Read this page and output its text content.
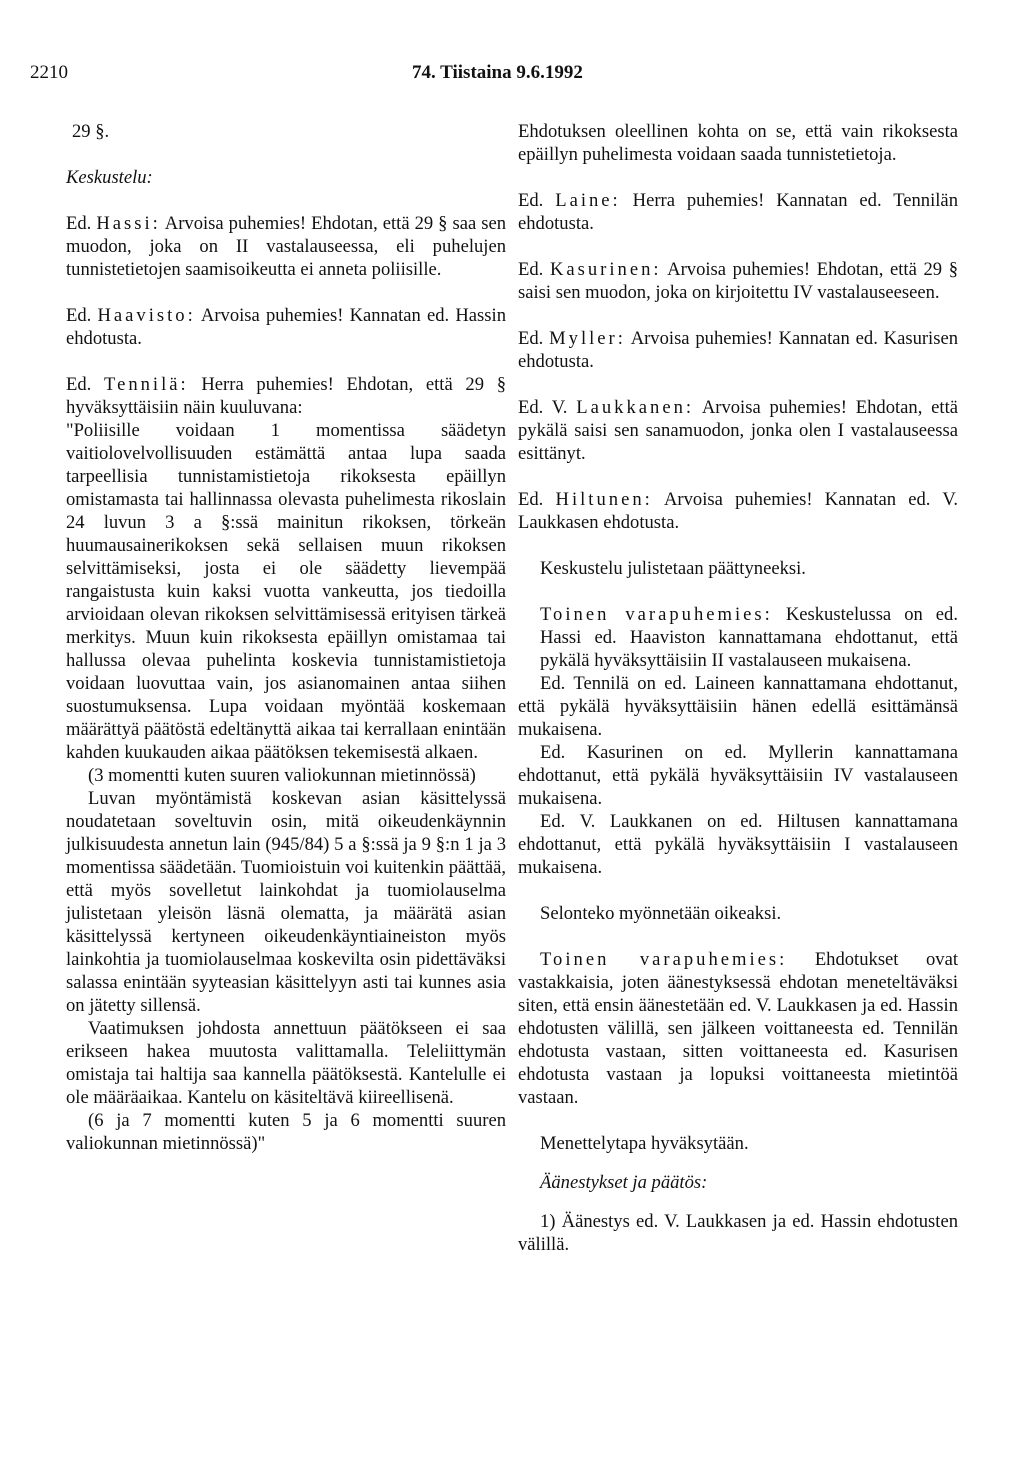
2210	74. Tiistaina 9.6.1992

29 §.

Keskustelu:

Ed. Hassi: Arvoisa puhemies! Ehdotan, että 29 § saa sen muodon, joka on II vastalauseessa, eli puhelujen tunnistetietojen saamisoikeutta ei anneta poliisille.

Ed. Haavisto: Arvoisa puhemies! Kannatan ed. Hassin ehdotusta.

Ed. Tennilä: Herra puhemies! Ehdotan, että 29 § hyväksyttäisiin näin kuuluvana:

"Poliisille voidaan 1 momentissa säädetyn vaitiolovelvollisuuden estämättä antaa lupa saada tarpeellisia tunnistamistietoja rikoksesta epäillyn omistamasta tai hallinnassa olevasta puhelimesta rikoslain 24 luvun 3 a §:ssä mainitun rikoksen, törkeän huumausainerikoksen sekä sellaisen muun rikoksen selvittämiseksi, josta ei ole säädetty lievempää rangaistusta kuin kaksi vuotta vankeutta, jos tiedoilla arvioidaan olevan rikoksen selvittämisessä erityisen tärkeä merkitys. Muun kuin rikoksesta epäillyn omistamaa tai hallussa olevaa puhelinta koskevia tunnistamistietoja voidaan luovuttaa vain, jos asianomainen antaa siihen suostumuksensa. Lupa voidaan myöntää koskemaan määrättyä päätöstä edeltänyttä aikaa tai kerrallaan enintään kahden kuukauden aikaa päätöksen tekemisestä alkaen.

(3 momentti kuten suuren valiokunnan mietinnössä)

Luvan myöntämistä koskevan asian käsittelyssä noudatetaan soveltuvin osin, mitä oikeudenkäynnin julkisuudesta annetun lain (945/84) 5 a §:ssä ja 9 §:n 1 ja 3 momentissa säädetään. Tuomioistuin voi kuitenkin päättää, että myös sovelletut lainkohdat ja tuomiolauselma julistetaan yleisön läsnä olematta, ja määrätä asian käsittelyssä kertyneen oikeudenkäyntiaineiston myös lainkohtia ja tuomiolauselmaa koskevilta osin pidettäväksi salassa enintään syyteasian käsittelyyn asti tai kunnes asia on jätetty sillensä.

Vaatimuksen johdosta annettuun päätökseen ei saa erikseen hakea muutosta valittamalla. Teleliittymän omistaja tai haltija saa kannella päätöksestä. Kantelulle ei ole määräaikaa. Kantelu on käsiteltävä kiireellisenä.

(6 ja 7 momentti kuten 5 ja 6 momentti suuren valiokunnan mietinnössä)"

Ehdotuksen oleellinen kohta on se, että vain rikoksesta epäillyn puhelimesta voidaan saada tunnistetietoja.

Ed. Laine: Herra puhemies! Kannatan ed. Tennilän ehdotusta.

Ed. Kasurinen: Arvoisa puhemies! Ehdotan, että 29 § saisi sen muodon, joka on kirjoitettu IV vastalauseeseen.

Ed. Myller: Arvoisa puhemies! Kannatan ed. Kasurisen ehdotusta.

Ed. V. Laukkanen: Arvoisa puhemies! Ehdotan, että pykälä saisi sen sanamuodon, jonka olen I vastalauseessa esittänyt.

Ed. Hiltunen: Arvoisa puhemies! Kannatan ed. V. Laukkasen ehdotusta.

Keskustelu julistetaan päättyneeksi.

Toinen varapuhemies: Keskustelussa on ed. Hassi ed. Haaviston kannattamana ehdottanut, että pykälä hyväksyttäisiin II vastalauseen mukaisena.

Ed. Tennilä on ed. Laineen kannattamana ehdottanut, että pykälä hyväksyttäisiin hänen edellä esittämänsä mukaisena.

Ed. Kasurinen on ed. Myllerin kannattamana ehdottanut, että pykälä hyväksyttäisiin IV vastalauseen mukaisena.

Ed. V. Laukkanen on ed. Hiltusen kannattamana ehdottanut, että pykälä hyväksyttäisiin I vastalauseen mukaisena.

Selonteko myönnetään oikeaksi.

Toinen varapuhemies: Ehdotukset ovat vastakkaisia, joten äänestyksessä ehdotan meneteltäväksi siten, että ensin äänestetään ed. V. Laukkasen ja ed. Hassin ehdotusten välillä, sen jälkeen voittaneesta ed. Tennilän ehdotusta vastaan, sitten voittaneesta ed. Kasurisen ehdotusta vastaan ja lopuksi voittaneesta mietintöä vastaan.

Menettelytapa hyväksytään.

Äänestykset ja päätös:

1) Äänestys ed. V. Laukkasen ja ed. Hassin ehdotusten välillä.
